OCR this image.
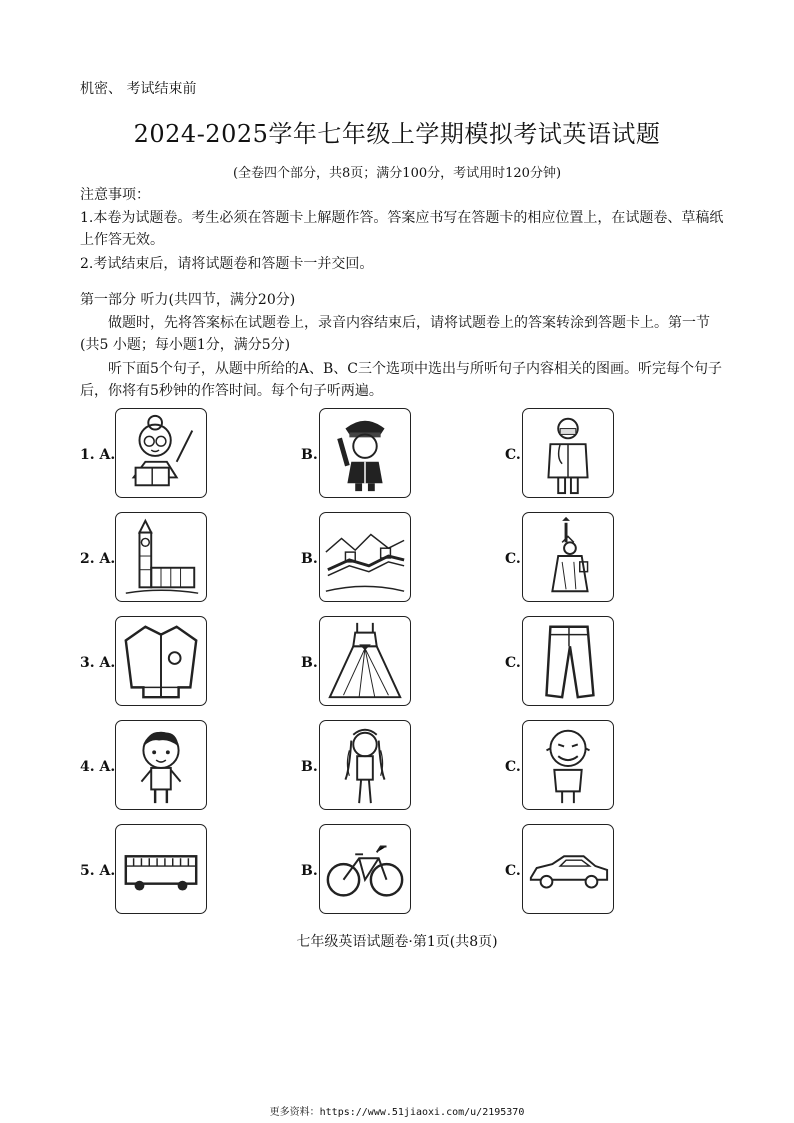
机密、 考试结束前
2024-2025学年七年级上学期模拟考试英语试题
(全卷四个部分，共8页；满分100分，考试用时120分钟)
注意事项：
1.本卷为试题卷。考生必须在答题卡上解题作答。答案应书写在答题卡的相应位置上，在试题卷、草稿纸上作答无效。
2.考试结束后，请将试题卷和答题卡一并交回。
第一部分 听力(共四节，满分20分)
做题时，先将答案标在试题卷上，录音内容结束后，请将试题卷上的答案转涂到答题卡上。第一节 (共5 小题；每小题1分，满分5分)
听下面5个句子，从题中所给的A、B、C三个选项中选出与所听句子内容相关的图画。听完每个句子后，你将有5秒钟的作答时间。每个句子听两遍。
1. A.	B.	C.
2. A.	B.	C.
3. A.	B.	C.
4. A.	B.	C.
5. A.	B.	C.
七年级英语试题卷·第1页(共8页)
更多资料：https://www.51jiaoxi.com/u/2195370
